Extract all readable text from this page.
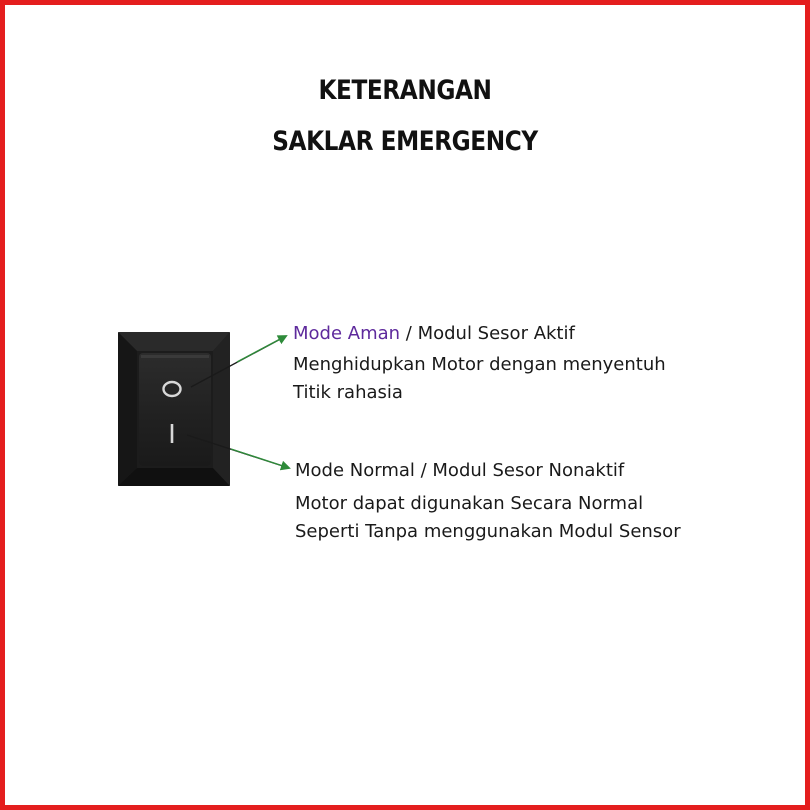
KETERANGAN
SAKLAR EMERGENCY
Mode Aman / Modul Sesor Aktif
Menghidupkan Motor dengan menyentuh
Titik rahasia
Mode Normal / Modul Sesor Nonaktif
Motor dapat digunakan Secara Normal
Seperti Tanpa menggunakan Modul Sensor
